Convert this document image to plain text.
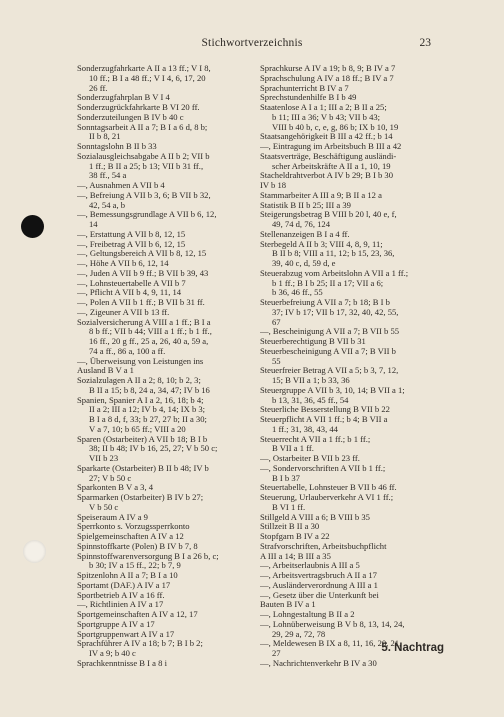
Stichwortverzeichnis	23
Sonderzugfahrkarte A II a 13 ff.; V I 8,
10 ff.; B I a 48 ff.; V I 4, 6, 17, 20
26 ff.
Sonderzugfahrplan B V I 4
Sonderzugrückfahrkarte B VI 20 ff.
Sonderzuteilungen B IV b 40 c
Sonntagsarbeit A II a 7; B I a 6 d, 8 b;
II b 8, 21
Sonntagslohn B II b 33
Sozialausgleichsabgabe A II b 2; VII b
1 ff.; B II a 25; b 13; VII b 31 ff.,
38 ff., 54 a
—, Ausnahmen A VII b 4
—, Befreiung A VII b 3, 6; B VII b 32,
42, 54 a, b
—, Bemessungsgrundlage A VII b 6, 12,
14
—, Erstattung A VII b 8, 12, 15
—, Freibetrag A VII b 6, 12, 15
—, Geltungsbereich A VII b 8, 12, 15
—, Höhe A VII b 6, 12, 14
—, Juden A VII b 9 ff.; B VII b 39, 43
—, Lohnsteuertabelle A VII b 7
—, Pflicht A VII b 4, 9, 11, 14
—, Polen A VII b 1 ff.; B VII b 31 ff.
—, Zigeuner A VII b 13 ff.
Sozialversicherung A VIII a 1 ff.; B I a
8 b ff.; VII b 44; VIII a 1 ff.; b 1 ff.,
16 ff., 20 g ff., 25 a, 26, 40 a, 59 a,
74 a ff., 86 a, 100 a ff.
—, Überweisung von Leistungen ins
Ausland B V a 1
Sozialzulagen A II a 2; 8, 10; b 2, 3;
B II a 15; b 8, 24 a, 34, 47; IV b 16
Spanien, Spanier A I a 2, 16, 18; b 4;
II a 2; III a 12; IV b 4, 14; IX b 3;
B I a 8 d, f, 33; b 27, 27 b; II a 30;
V a 7, 10; b 65 ff.; VIII a 20
Sparen (Ostarbeiter) A VII b 18; B I b
38; II b 48; IV b 16, 25, 27; V b 50 c;
VII b 23
Sparkarte (Ostarbeiter) B II b 48; IV b
27; V b 50 c
Sparkonten B V a 3, 4
Sparmarken (Ostarbeiter) B IV b 27;
V b 50 c
Speiseraum A IV a 9
Sperrkonto s. Vorzugssperrkonto
Spielgemeinschaften A IV a 12
Spinnstoffkarte (Polen) B IV b 7, 8
Spinnstoffwarenversorgung B I a 26 b, c;
b 30; IV a 15 ff., 22; b 7, 9
Spitzenlohn A II a 7; B I a 10
Sportamt (DAF.) A IV a 17
Sportbetrieb A IV a 16 ff.
—, Richtlinien A IV a 17
Sportgemeinschaften A IV a 12, 17
Sportgruppe A IV a 17
Sportgruppenwart A IV a 17
Sprachführer A IV a 18; b 7; B I b 2;
IV a 9; b 40 c
Sprachkenntnisse B I a 8 i
Sprachkurse A IV a 19; b 8, 9; B IV a 7
Sprachschulung A IV a 18 ff.; B IV a 7
Sprachunterricht B IV a 7
Sprechstundenhilfe B I b 49
Staatenlose A I a 1; III a 2; B II a 25;
b 11; III a 36; V b 43; VII b 43;
VIII b 40 b, c, e, g, 86 b; IX b 10, 19
Staatsangehörigkeit B III a 42 ff.; b 14
—, Eintragung im Arbeitsbuch B III a 42
Staatsverträge, Beschäftigung ausländi-
scher Arbeitskräfte A II a 1, 10, 19
Stacheldrahtverbot A IV b 29; B I b 30
IV b 18
Stammarbeiter A III a 9; B II a 12 a
Statistik B II b 25; III a 39
Steigerungsbetrag B VIII b 20 l, 40 e, f,
49, 74 d, 76, 124
Stellenanzeigen B I a 4 ff.
Sterbegeld A II b 3; VIII 4, 8, 9, 11;
B II b 8; VIII a 11, 12; b 15, 23, 36,
39, 40 c, d, 59 d, e
Steuerabzug vom Arbeitslohn A VII a 1 ff.;
b 1 ff.; B I b 25; II a 17; VII a 6;
b 36, 46 ff., 55
Steuerbefreiung A VII a 7; b 18; B I b
37; IV b 17; VII b 17, 32, 40, 42, 55,
67
—, Bescheinigung A VII a 7; B VII b 55
Steuerberechtigung B VII b 31
Steuerbescheinigung A VII a 7; B VII b
55
Steuerfreier Betrag A VII a 5; b 3, 7, 12,
15; B VII a 1; b 33, 36
Steuergruppe A VII b 3, 10, 14; B VII a 1;
b 13, 31, 36, 45 ff., 54
Steuerliche Besserstellung B VII b 22
Steuerpflicht A VII 1 ff.; b 4; B VII a
1 ff.; 31, 38, 43, 44
Steuerrecht A VII a 1 ff.; b 1 ff.;
B VII a 1 ff.
—, Ostarbeiter B VII b 23 ff.
—, Sondervorschriften A VII b 1 ff.;
B I b 37
Steuertabelle, Lohnsteuer B VII b 46 ff.
Steuerung, Urlauberverkehr A VI 1 ff.;
B VI 1 ff.
Stillgeld A VIII a 6; B VIII b 35
Stillzeit B II a 30
Stopfgarn B IV a 22
Strafvorschriften, Arbeitsbuchpflicht
A III a 14; B III a 35
—, Arbeitserlaubnis A III a 5
—, Arbeitsvertragsbruch A II a 17
—, Ausländerverordnung A III a 1
—, Gesetz über die Unterkunft bei
Bauten B IV a 1
—, Lohngestaltung B II a 2
—, Lohnüberweisung B V b 8, 13, 14, 24,
29, 29 a, 72, 78
—, Meldewesen B IX a 8, 11, 16, 20, 21,
27
—, Nachrichtenverkehr B IV a 30
5. Nachtrag
